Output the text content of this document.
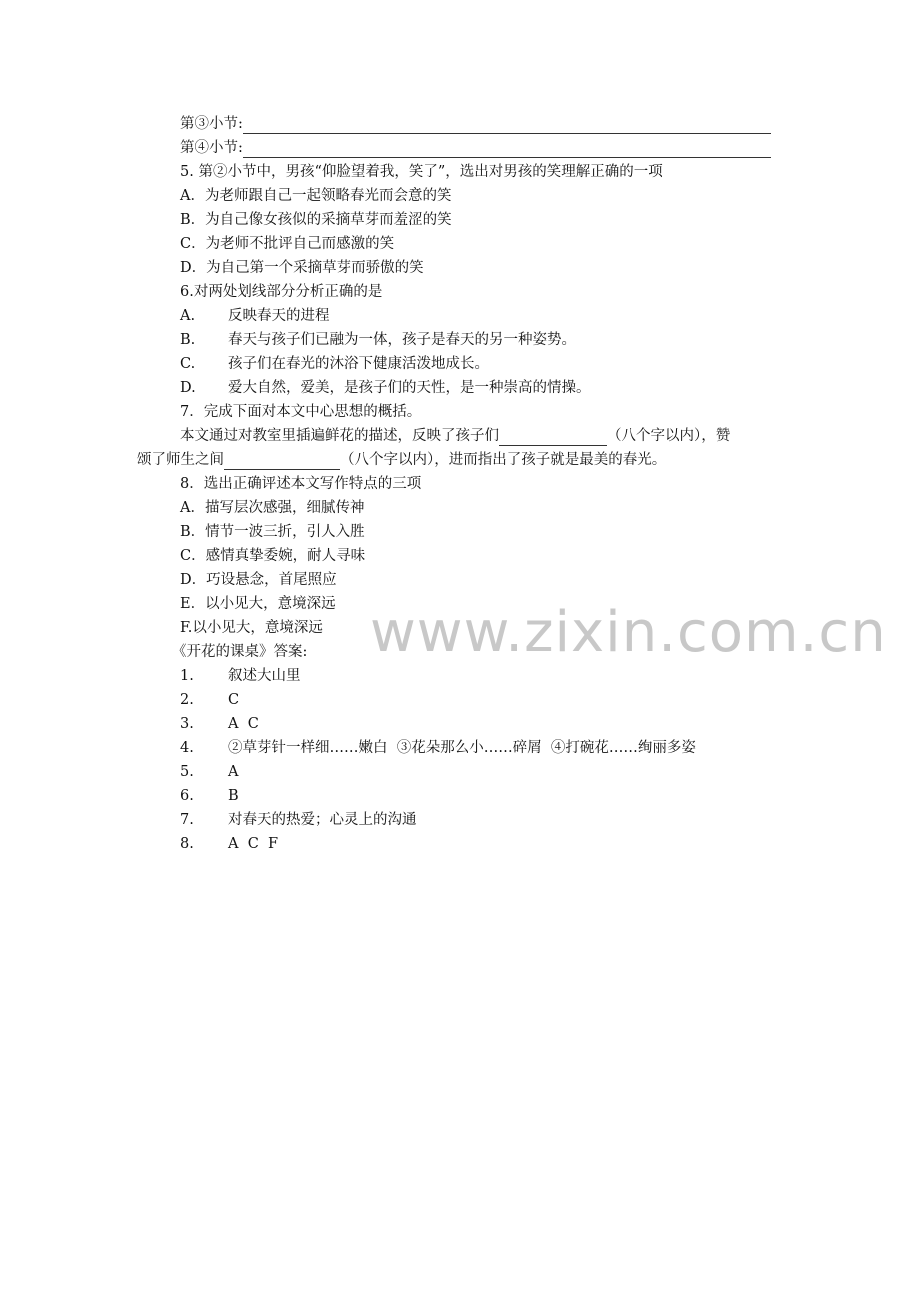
第③小节:
第④小节:
5. 第②小节中，男孩“仰脸望着我，笑了”，选出对男孩的笑理解正确的一项
A．为老师跟自己一起领略春光而会意的笑
B．为自己像女孩似的采摘草芽而羞涩的笑
C．为老师不批评自己而感激的笑
D．为自己第一个采摘草芽而骄傲的笑
6.对两处划线部分分析正确的是
A. 反映春天的进程
B. 春天与孩子们已融为一体，孩子是春天的另一种姿势。
C. 孩子们在春光的沐浴下健康活泼地成长。
D. 爱大自然，爱美，是孩子们的天性，是一种崇高的情操。
7．完成下面对本文中心思想的概括。
本文通过对教室里插遍鲜花的描述，反映了孩子们	（八个字以内），赞
颂了师生之间	（八个字以内），进而指出了孩子就是最美的春光。
8．选出正确评述本文写作特点的三项
A．描写层次感强，细腻传神
B．情节一波三折，引人入胜
C．感情真挚委婉，耐人寻味
D．巧设悬念，首尾照应
E．以小见大，意境深远
F.以小见大，意境深远
《开花的课桌》答案:
1. 叙述大山里
2. C
3. A  C
4. ②草芽针一样细……嫩白  ③花朵那么小……碎屑  ④打碗花……绚丽多姿
5. A
6. B
7. 对春天的热爱；心灵上的沟通
8. A  C  F
www.zixin.com.cn
